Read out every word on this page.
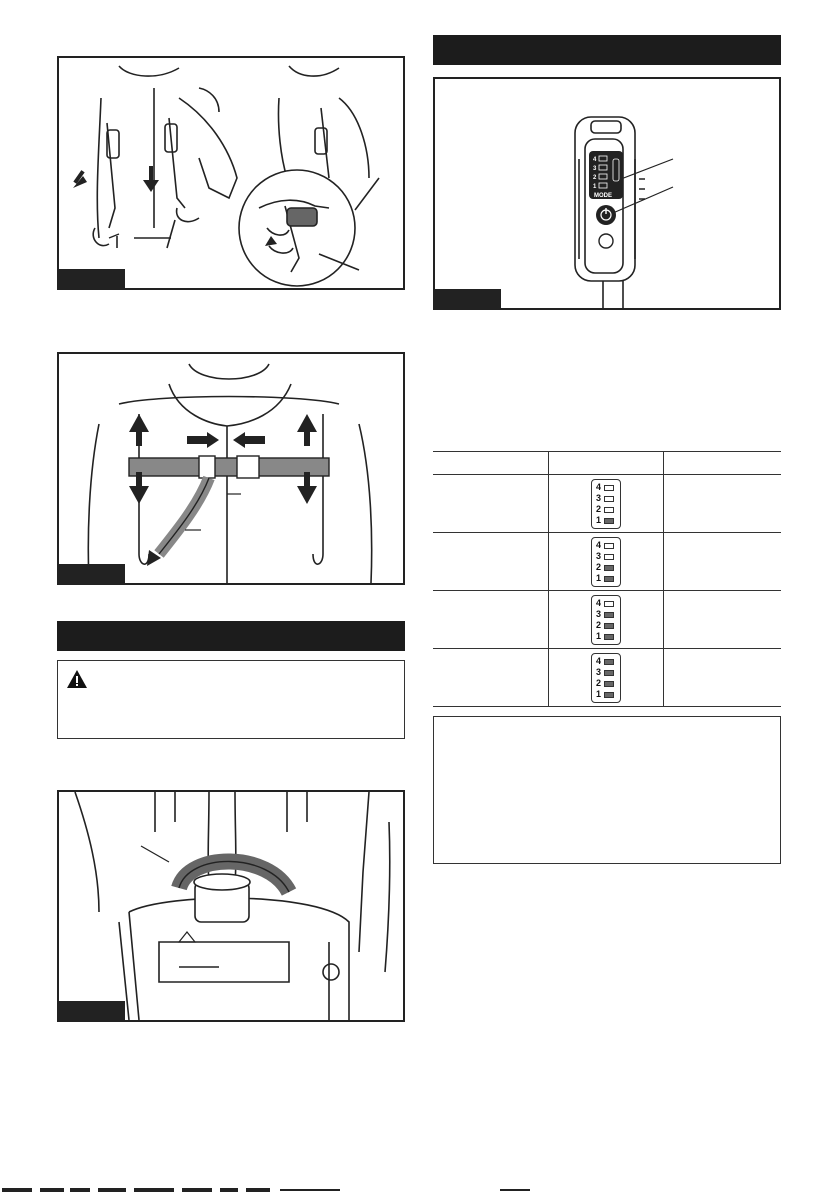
4
3
2
1
MODE

	4
3
2
1	

	4
3
2
1	

	4
3
2
1	

	4
3
2
1	
